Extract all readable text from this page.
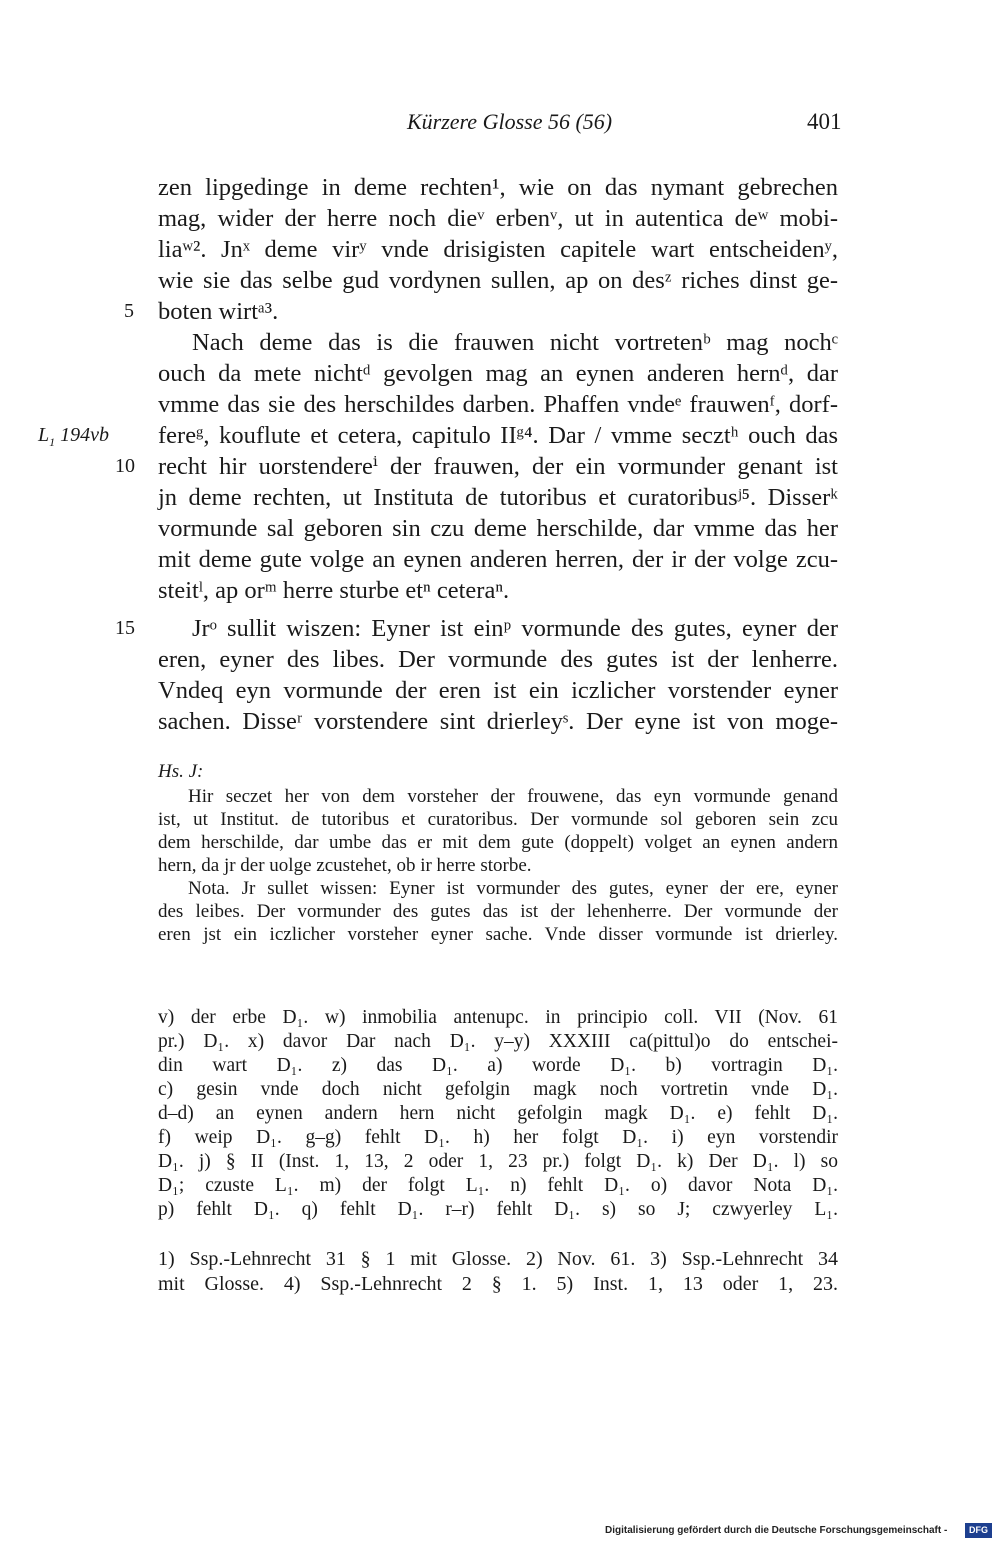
Kürzere Glosse 56 (56)	401
5
$L_1$ 194vb
10
15
zen lipgedinge in deme rechten¹, wie on das nymant gebrechen
mag, wider der herre noch dieᵛ erbenᵛ, ut in autentica deʷ mobi-
liaʷ². Jnˣ deme virʸ vnde drisigisten capitele wart entscheidenʸ,
wie sie das selbe gud vordynen sullen, ap on desᶻ riches dinst ge-
boten wirtᵃ³.
Nach deme das is die frauwen nicht vortretenᵇ mag nochᶜ
ouch da mete nichtᵈ gevolgen mag an eynen anderen hernᵈ, dar
vmme das sie des herschildes darben. Phaffen vndeᵉ frauwenᶠ, dorf-
fereᵍ, kouflute et cetera, capitulo IIᵍ⁴. Dar / vmme secztʰ ouch das
recht hir uorstendereⁱ der frauwen, der ein vormunder genant ist
jn deme rechten, ut Instituta de tutoribus et curatoribusʲ⁵. Disserᵏ
vormunde sal geboren sin czu deme herschilde, dar vmme das her
mit deme gute volge an eynen anderen herren, der ir der volge zcu-
steitˡ, ap orᵐ herre sturbe etⁿ ceteraⁿ.
Jrᵒ sullit wiszen: Eyner ist einᵖ vormunde des gutes, eyner der
eren, eyner des libes. Der vormunde des gutes ist der lenherre.
Vndeq eyn vormunde der eren ist ein iczlicher vorstender eyner
sachen. Disseʳ vorstendere sint drierleyˢ. Der eyne ist von moge-
Hs. J:
Hir seczet her von dem vorsteher der frouwene, das eyn vormunde genand
ist, ut Institut. de tutoribus et curatoribus. Der vormunde sol geboren sein zcu
dem herschilde, dar umbe das er mit dem gute (doppelt) volget an eynen andern
hern, da jr der uolge zcustehet, ob ir herre storbe.
Nota. Jr sullet wissen: Eyner ist vormunder des gutes, eyner der ere, eyner
des leibes. Der vormunder des gutes das ist der lehenherre. Der vormunde der
eren jst ein iczlicher vorsteher eyner sache. Vnde disser vormunde ist drierley.
v) der erbe D₁. w) inmobilia antenupc. in principio coll. VII (Nov. 61
pr.) D₁. x) davor Dar nach D₁. y–y) XXXIII ca(pittul)o do entschei-
din wart D₁. z) das D₁. a) worde D₁. b) vortragin D₁.
c) gesin vnde doch nicht gefolgin magk noch vortretin vnde D₁.
d–d) an eynen andern hern nicht gefolgin magk D₁. e) fehlt D₁.
f) weip D₁. g–g) fehlt D₁. h) her folgt D₁. i) eyn vorstendir
D₁. j) § II (Inst. 1, 13, 2 oder 1, 23 pr.) folgt D₁. k) Der D₁. l) so
D₁; czuste L₁. m) der folgt L₁. n) fehlt D₁. o) davor Nota D₁.
p) fehlt D₁. q) fehlt D₁. r–r) fehlt D₁. s) so J; czwyerley L₁.
1) Ssp.-Lehnrecht 31 § 1 mit Glosse. 2) Nov. 61. 3) Ssp.-Lehnrecht 34
mit Glosse. 4) Ssp.-Lehnrecht 2 § 1. 5) Inst. 1, 13 oder 1, 23.
Digitalisierung gefördert durch die Deutsche Forschungsgemeinschaft -	DFG
